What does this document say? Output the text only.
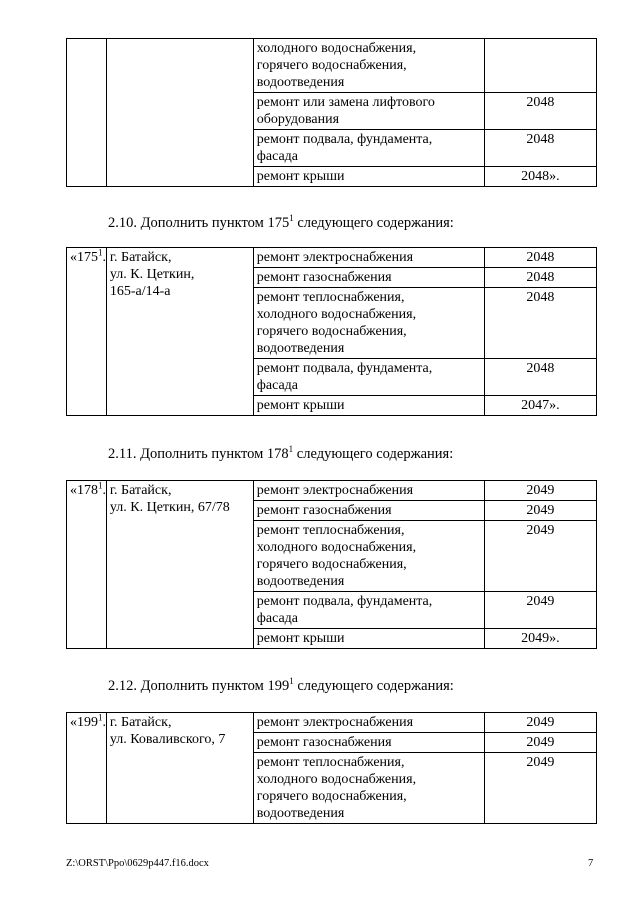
		холодного водоснабжения,
горячего водоснабжения,
водоотведения	
		ремонт или замена лифтового
оборудования	2048
		ремонт подвала, фундамента,
фасада	2048
		ремонт крыши	2048».
2.10. Дополнить пунктом $175^1$ следующего содержания:
«$175^1$.	г. Батайск,
ул. К. Цеткин,
165-а/14-а	ремонт электроснабжения	2048
		ремонт газоснабжения	2048
		ремонт теплоснабжения,
холодного водоснабжения,
горячего водоснабжения,
водоотведения	2048
		ремонт подвала, фундамента,
фасада	2048
		ремонт крыши	2047».
2.11. Дополнить пунктом $178^1$ следующего содержания:
«$178^1$.	г. Батайск,
ул. К. Цеткин, 67/78	ремонт электроснабжения	2049
		ремонт газоснабжения	2049
		ремонт теплоснабжения,
холодного водоснабжения,
горячего водоснабжения,
водоотведения	2049
		ремонт подвала, фундамента,
фасада	2049
		ремонт крыши	2049».
2.12. Дополнить пунктом $199^1$ следующего содержания:
«$199^1$.	г. Батайск,
ул. Коваливского, 7	ремонт электроснабжения	2049
		ремонт газоснабжения	2049
		ремонт теплоснабжения,
холодного водоснабжения,
горячего водоснабжения,
водоотведения	2049
Z:\ORST\Ppo\0629p447.f16.docx	7
